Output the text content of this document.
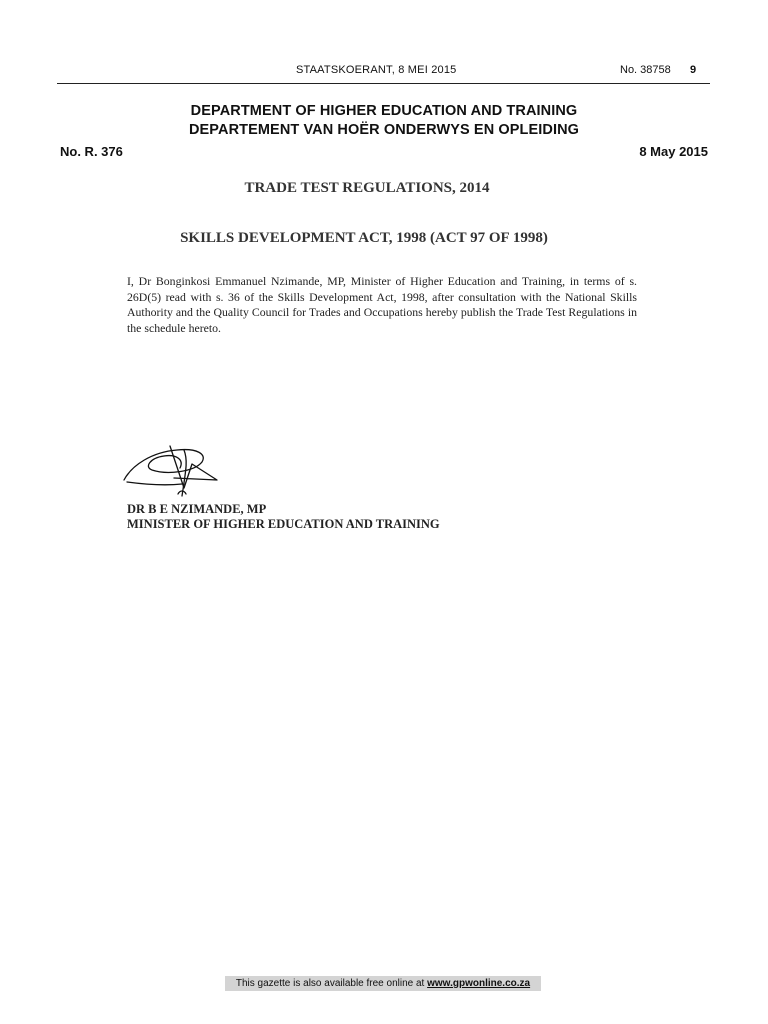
STAATSKOERANT, 8 MEI 2015	No. 38758 9
DEPARTMENT OF HIGHER EDUCATION AND TRAINING
DEPARTEMENT VAN HOËR ONDERWYS EN OPLEIDING
No. R. 376	8 May 2015
TRADE TEST REGULATIONS, 2014
SKILLS DEVELOPMENT ACT, 1998 (ACT 97 OF 1998)
I, Dr Bonginkosi Emmanuel Nzimande, MP, Minister of Higher Education and Training, in terms of s. 26D(5) read with s. 36 of the Skills Development Act, 1998, after consultation with the National Skills Authority and the Quality Council for Trades and Occupations hereby publish the Trade Test Regulations in the schedule hereto.
DR B E NZIMANDE, MP
MINISTER OF HIGHER EDUCATION AND TRAINING
This gazette is also available free online at www.gpwonline.co.za
